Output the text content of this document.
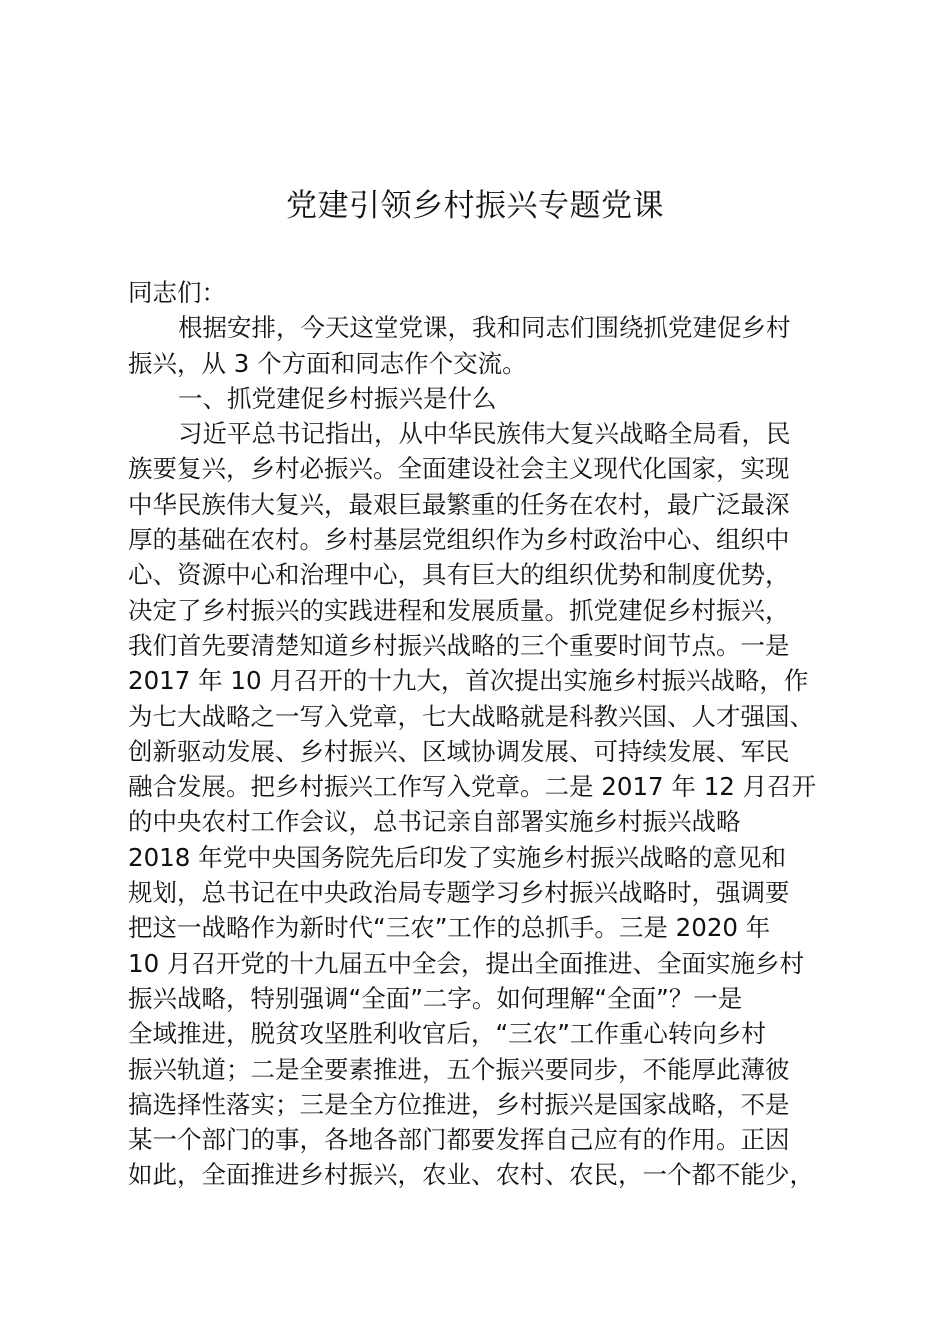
党建引领乡村振兴专题党课
同志们：
根据安排，今天这堂党课，我和同志们围绕抓党建促乡村
振兴，从 3 个方面和同志作个交流。
一、抓党建促乡村振兴是什么
习近平总书记指出，从中华民族伟大复兴战略全局看，民
族要复兴，乡村必振兴。全面建设社会主义现代化国家，实现
中华民族伟大复兴，最艰巨最繁重的任务在农村，最广泛最深
厚的基础在农村。乡村基层党组织作为乡村政治中心、组织中
心、资源中心和治理中心，具有巨大的组织优势和制度优势，
决定了乡村振兴的实践进程和发展质量。抓党建促乡村振兴，
我们首先要清楚知道乡村振兴战略的三个重要时间节点。一是
2017 年 10 月召开的十九大，首次提出实施乡村振兴战略，作
为七大战略之一写入党章，七大战略就是科教兴国、人才强国、
创新驱动发展、乡村振兴、区域协调发展、可持续发展、军民
融合发展。把乡村振兴工作写入党章。二是 2017 年 12 月召开
的中央农村工作会议，总书记亲自部署实施乡村振兴战略
2018 年党中央国务院先后印发了实施乡村振兴战略的意见和
规划，总书记在中央政治局专题学习乡村振兴战略时，强调要
把这一战略作为新时代“三农”工作的总抓手。三是 2020 年
10 月召开党的十九届五中全会，提出全面推进、全面实施乡村
振兴战略，特别强调“全面”二字。如何理解“全面”？一是
全域推进，脱贫攻坚胜利收官后，“三农”工作重心转向乡村
振兴轨道；二是全要素推进，五个振兴要同步，不能厚此薄彼
搞选择性落实；三是全方位推进，乡村振兴是国家战略，不是
某一个部门的事，各地各部门都要发挥自己应有的作用。正因
如此，全面推进乡村振兴，农业、农村、农民，一个都不能少，
